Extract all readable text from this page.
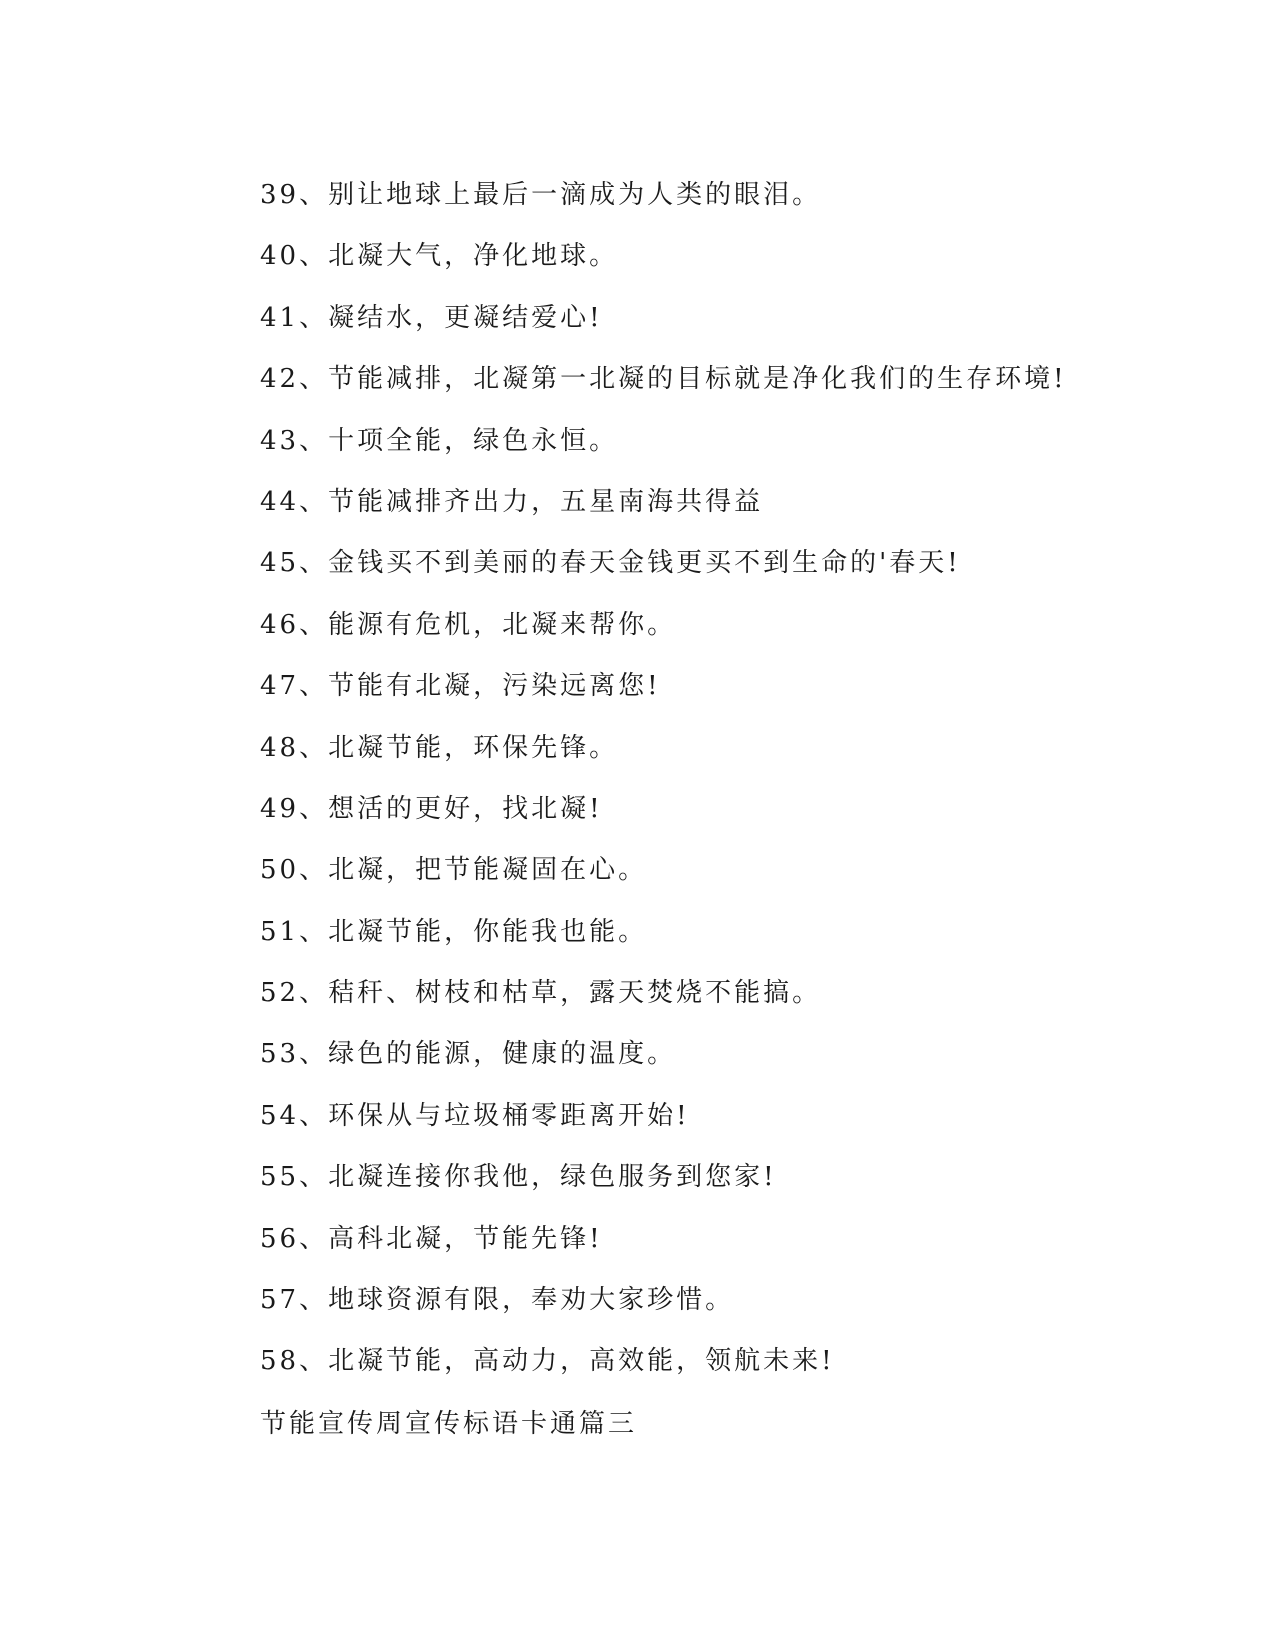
39、别让地球上最后一滴成为人类的眼泪。
40、北凝大气，净化地球。
41、凝结水，更凝结爱心!
42、节能减排，北凝第一北凝的目标就是净化我们的生存环境!
43、十项全能，绿色永恒。
44、节能减排齐出力，五星南海共得益
45、金钱买不到美丽的春天金钱更买不到生命的'春天!
46、能源有危机，北凝来帮你。
47、节能有北凝，污染远离您!
48、北凝节能，环保先锋。
49、想活的更好，找北凝!
50、北凝，把节能凝固在心。
51、北凝节能，你能我也能。
52、秸秆、树枝和枯草，露天焚烧不能搞。
53、绿色的能源，健康的温度。
54、环保从与垃圾桶零距离开始!
55、北凝连接你我他，绿色服务到您家!
56、高科北凝，节能先锋!
57、地球资源有限，奉劝大家珍惜。
58、北凝节能，高动力，高效能，领航未来!
节能宣传周宣传标语卡通篇三
